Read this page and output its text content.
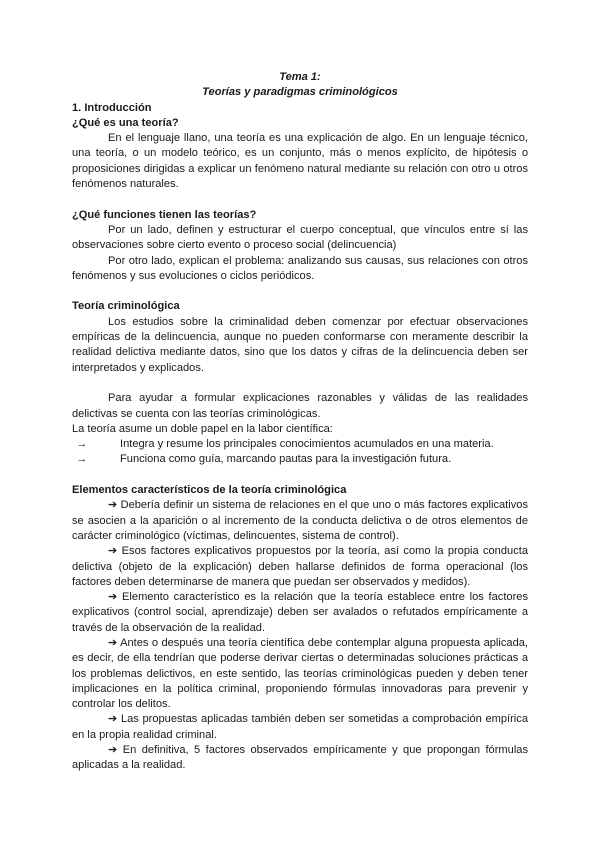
Tema 1:

Teorías y paradigmas criminológicos

1. Introducción

¿Qué es una teoría?

En el lenguaje llano, una teoría es una explicación de algo. En un lenguaje técnico, una teoría, o un modelo teórico, es un conjunto, más o menos explícito, de hipótesis o proposiciones dirigidas a explicar un fenómeno natural mediante su relación con otro u otros fenómenos naturales.

¿Qué funciones tienen las teorías?

Por un lado, definen y estructurar el cuerpo conceptual, que vínculos entre sí las observaciones sobre cierto evento o proceso social (delincuencia)

Por otro lado, explican el problema: analizando sus causas, sus relaciones con otros fenómenos y sus evoluciones o ciclos periódicos.

Teoría criminológica

Los estudios sobre la criminalidad deben comenzar por efectuar observaciones empíricas de la delincuencia, aunque no pueden conformarse con meramente describir la realidad delictiva mediante datos, sino que los datos y cifras de la delincuencia deben ser interpretados y explicados.

Para ayudar a formular explicaciones razonables y válidas de las realidades delictivas se cuenta con las teorías criminológicas.

La teoría asume un doble papel en la labor científica:

→	Integra y resume los principales conocimientos acumulados en una materia.
→	Funciona como guía, marcando pautas para la investigación futura.

Elementos característicos de la teoría criminológica

➔ Debería definir un sistema de relaciones en el que uno o más factores explicativos se asocien a la aparición o al incremento de la conducta delictiva o de otros elementos de carácter criminológico (víctimas, delincuentes, sistema de control).

➔ Esos factores explicativos propuestos por la teoría, así como la propia conducta delictiva (objeto de la explicación) deben hallarse definidos de forma operacional (los factores deben determinarse de manera que puedan ser observados y medidos).

➔ Elemento característico es la relación que la teoría establece entre los factores explicativos (control social, aprendizaje) deben ser avalados o refutados empíricamente a través de la observación de la realidad.

➔ Antes o después una teoría científica debe contemplar alguna propuesta aplicada, es decir, de ella tendrían que poderse derivar ciertas o determinadas soluciones prácticas a los problemas delictivos, en este sentido, las teorías criminológicas pueden y deben tener implicaciones en la política criminal, proponiendo fórmulas innovadoras para prevenir y controlar los delitos.

➔ Las propuestas aplicadas también deben ser sometidas a comprobación empírica en la propia realidad criminal.

➔ En definitiva, 5 factores observados empíricamente y que propongan fórmulas aplicadas a la realidad.
